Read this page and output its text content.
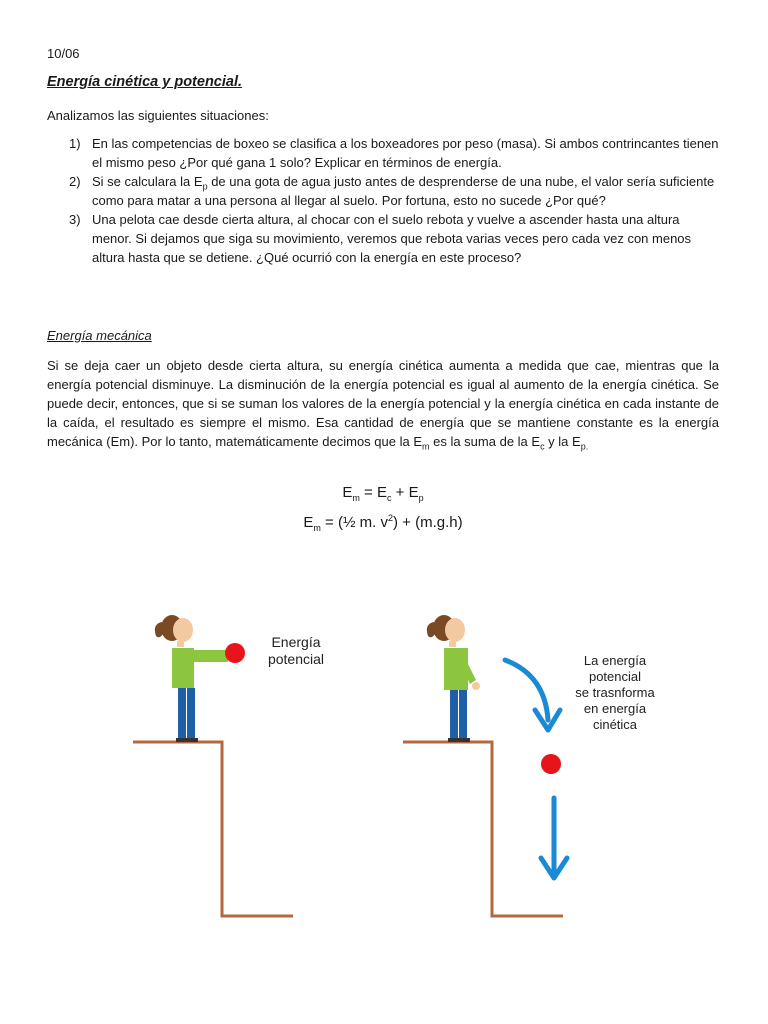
10/06
Energía cinética y potencial.
Analizamos las siguientes situaciones:
1) En las competencias de boxeo se clasifica a los boxeadores por peso (masa). Si ambos contrincantes tienen el mismo peso ¿Por qué gana 1 solo? Explicar en términos de energía.
2) Si se calculara la $E_p$ de una gota de agua justo antes de desprenderse de una nube, el valor sería suficiente como para matar a una persona al llegar al suelo. Por fortuna, esto no sucede ¿Por qué?
3) Una pelota cae desde cierta altura, al chocar con el suelo rebota y vuelve a ascender hasta una altura menor. Si dejamos que siga su movimiento, veremos que rebota varias veces pero cada vez con menos altura hasta que se detiene. ¿Qué ocurrió con la energía en este proceso?
Energía mecánica
Si se deja caer un objeto desde cierta altura, su energía cinética aumenta a medida que cae, mientras que la energía potencial disminuye. La disminución de la energía potencial es igual al aumento de la energía cinética. Se puede decir, entonces, que si se suman los valores de la energía potencial y la energía cinética en cada instante de la caída, el resultado es siempre el mismo. Esa cantidad de energía que se mantiene constante es la energía mecánica (Em). Por lo tanto, matemáticamente decimos que la $E_m$ es la suma de la $E_c$ y la $E_{p.}$
$E_m = E_c + E_p$
$E_m$ = (½ m. $v^2) + (m.g.h)$
Energía
potencial	La energía
potencial
se trasnforma
en energía
cinética
